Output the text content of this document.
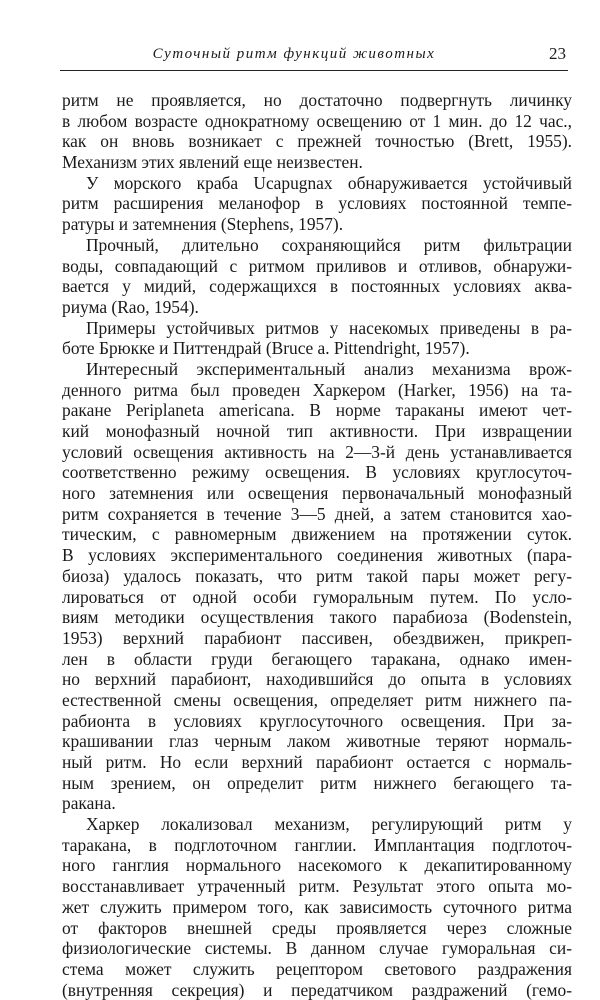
Суточный ритм функций животных	23
ритм не проявляется, но достаточно подвергнуть личинку
в любом возрасте однократному освещению от 1 мин. до 12 час.,
как он вновь возникает с прежней точностью (Brett, 1955).
Механизм этих явлений еще неизвестен.
У морского краба Ucapugnax обнаруживается устойчивый
ритм расширения меланофор в условиях постоянной темпе-
ратуры и затемнения (Stephens, 1957).
Прочный, длительно сохраняющийся ритм фильтрации
воды, совпадающий с ритмом приливов и отливов, обнаружи-
вается у мидий, содержащихся в постоянных условиях аква-
риума (Rao, 1954).
Примеры устойчивых ритмов у насекомых приведены в ра-
боте Брюкке и Питтендрай (Bruce a. Pittendright, 1957).
Интересный экспериментальный анализ механизма врож-
денного ритма был проведен Харкером (Harker, 1956) на та-
ракане Periplaneta americana. В норме тараканы имеют чет-
кий монофазный ночной тип активности. При извращении
условий освещения активность на 2—3-й день устанавливается
соответственно режиму освещения. В условиях круглосуточ-
ного затемнения или освещения первоначальный монофазный
ритм сохраняется в течение 3—5 дней, а затем становится хао-
тическим, с равномерным движением на протяжении суток.
В условиях экспериментального соединения животных (пара-
биоза) удалось показать, что ритм такой пары может регу-
лироваться от одной особи гуморальным путем. По усло-
виям методики осуществления такого парабиоза (Bodenstein,
1953) верхний парабионт пассивен, обездвижен, прикреп-
лен в области груди бегающего таракана, однако имен-
но верхний парабионт, находившийся до опыта в условиях
естественной смены освещения, определяет ритм нижнего па-
рабионта в условиях круглосуточного освещения. При за-
крашивании глаз черным лаком животные теряют нормаль-
ный ритм. Но если верхний парабионт остается с нормаль-
ным зрением, он определит ритм нижнего бегающего та-
ракана.
Харкер локализовал механизм, регулирующий ритм у
таракана, в подглоточном ганглии. Имплантация подглоточ-
ного ганглия нормального насекомого к декапитированному
восстанавливает утраченный ритм. Результат этого опыта мо-
жет служить примером того, как зависимость суточного ритма
от факторов внешней среды проявляется через сложные
физиологические системы. В данном случае гуморальная си-
стема может служить рецептором светового раздражения
(внутренняя секреция) и передатчиком раздражений (гемо-
